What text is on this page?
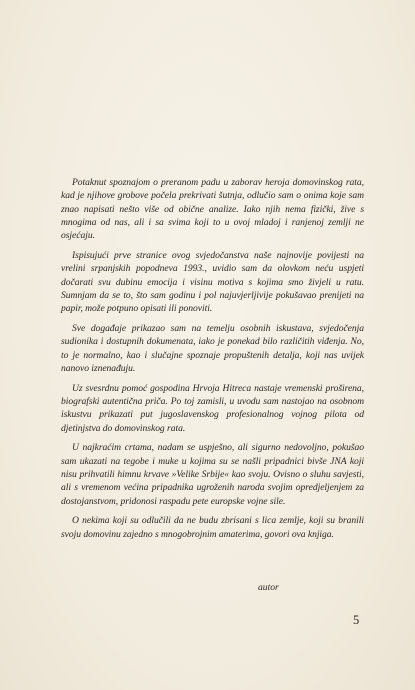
Potaknut spoznajom o preranom padu u zaborav heroja domovinskog rata, kad je njihove grobove počela prekrivati šutnja, odlučio sam o onima koje sam znao napisati nešto više od obične analize. Iako njih nema fizički, žive s mnogima od nas, ali i sa svima koji to u ovoj mladoj i ranjenoj zemlji ne osjećaju.

Ispisujući prve stranice ovog svjedočanstva naše najnovije povijesti na vrelini srpanjskih popodneva 1993., uvidio sam da olovkom neću uspjeti dočarati svu dubinu emocija i visinu motiva s kojima smo živjeli u ratu. Sumnjam da se to, što sam godinu i pol najuvjerljivije pokušavao prenijeti na papir, može potpuno opisati ili ponoviti.

Sve događaje prikazao sam na temelju osobnih iskustava, svjedočenja sudionika i dostupnih dokumenata, iako je ponekad bilo različitih viđenja. No, to je normalno, kao i slučajne spoznaje propuštenih detalja, koji nas uvijek nanovo iznenađuju.

Uz svesrdnu pomoć gospodina Hrvoja Hitreca nastaje vremenski proširena, biografski autentična priča. Po toj zamisli, u uvodu sam nastojao na osobnom iskustvu prikazati put jugoslavenskog profesionalnog vojnog pilota od djetinjstva do domovinskog rata.

U najkraćim crtama, nadam se uspješno, ali sigurno nedovoljno, pokušao sam ukazati na tegobe i muke u kojima su se našli pripadnici bivše JNA koji nisu prihvatili himnu krvave »Velike Srbije« kao svoju. Ovisno o sluhu savjesti, ali s vremenom većina pripadnika ugroženih naroda svojim opredjeljenjem za dostojanstvom, pridonosi raspadu pete europske vojne sile.

O nekima koji su odlučili da ne budu zbrisani s lica zemlje, koji su branili svoju domovinu zajedno s mnogobrojnim amaterima, govori ova knjiga.

autor
5
